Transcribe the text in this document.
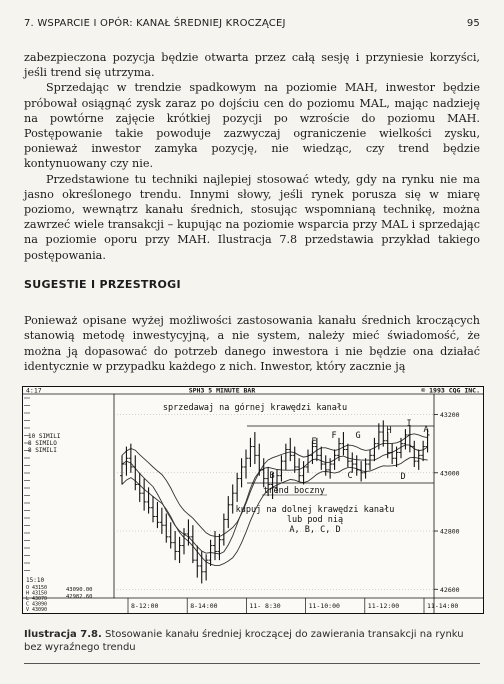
7. WSPARCIE I OPÓR: KANAŁ ŚREDNIEJ KROCZĄCEJ	95

zabezpieczona pozycja będzie otwarta przez całą sesję i przyniesie korzyści, jeśli trend się utrzyma.

Sprzedając w trendzie spadkowym na poziomie MAH, inwestor będzie próbował osiągnąć zysk zaraz po dojściu cen do poziomu MAL, mając nadzieję na powtórne zajęcie krótkiej pozycji po wzroście do poziomu MAH. Postępowanie takie powoduje zazwyczaj ograniczenie wielkości zysku, ponieważ inwestor zamyka pozycję, nie wiedząc, czy trend będzie kontynuowany czy nie.

Przedstawione tu techniki najlepiej stosować wtedy, gdy na rynku nie ma jasno określonego trendu. Innymi słowy, jeśli rynek porusza się w miarę poziomo, wewnątrz kanału średnich, stosując wspomnianą technikę, można zawrzeć wiele transakcji – kupując na poziomie wsparcia przy MAL i sprzedając na poziomie oporu przy MAH. Ilustracja 7.8 przedstawia przykład takiego postępowania.

SUGESTIE I PRZESTROGI

Ponieważ opisane wyżej możliwości zastosowania kanału średnich kroczących stanowią metodę inwestycyjną, a nie system, należy mieć świadomość, że można ją dopasować do potrzeb danego inwestora i nie będzie ona działać identycznie w przypadku każdego z nich. Inwestor, który zacznie ją

4:17	SPH3 5 MINUTE BAR	© 1993 CQG INC.
10 SIMILI
8 SIMILO
8 SIMILI
15:10
O 43150
H 43150
L 43070
C 43090
V 43090
43090.00
42982.60
43200
43000
42800
42600
8-12:00	8-14:00	11- 8:30	11-10:00	11-12:00	11-14:00
sprzedawaj na górnej krawędzi kanału
trend boczny
kupuj na dolnej krawędzi kanału
lub pod nią
A, B, C, D
E
F G	H
I
A
B	C	D
Ilustracja 7.8. Stosowanie kanału średniej kroczącej do zawierania transakcji na rynku bez wyraźnego trendu
